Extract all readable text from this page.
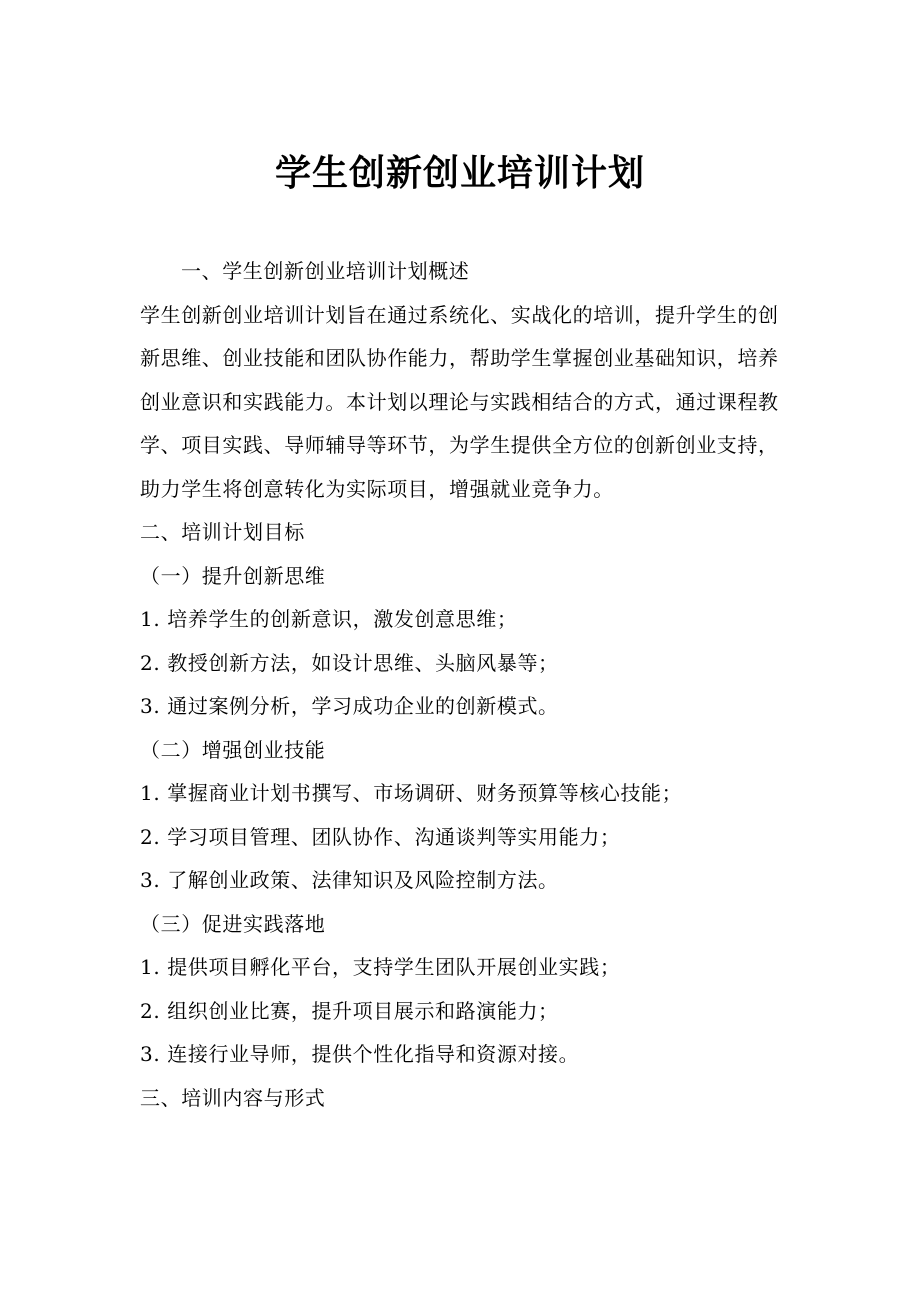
学生创新创业培训计划

一、学生创新创业培训计划概述

学生创新创业培训计划旨在通过系统化、实战化的培训，提升学生的创新思维、创业技能和团队协作能力，帮助学生掌握创业基础知识，培养创业意识和实践能力。本计划以理论与实践相结合的方式，通过课程教学、项目实践、导师辅导等环节，为学生提供全方位的创新创业支持，助力学生将创意转化为实际项目，增强就业竞争力。

二、培训计划目标

（一）提升创新思维

1. 培养学生的创新意识，激发创意思维；

2. 教授创新方法，如设计思维、头脑风暴等；

3. 通过案例分析，学习成功企业的创新模式。

（二）增强创业技能

1. 掌握商业计划书撰写、市场调研、财务预算等核心技能；

2. 学习项目管理、团队协作、沟通谈判等实用能力；

3. 了解创业政策、法律知识及风险控制方法。

（三）促进实践落地

1. 提供项目孵化平台，支持学生团队开展创业实践；

2. 组织创业比赛，提升项目展示和路演能力；

3. 连接行业导师，提供个性化指导和资源对接。

三、培训内容与形式
